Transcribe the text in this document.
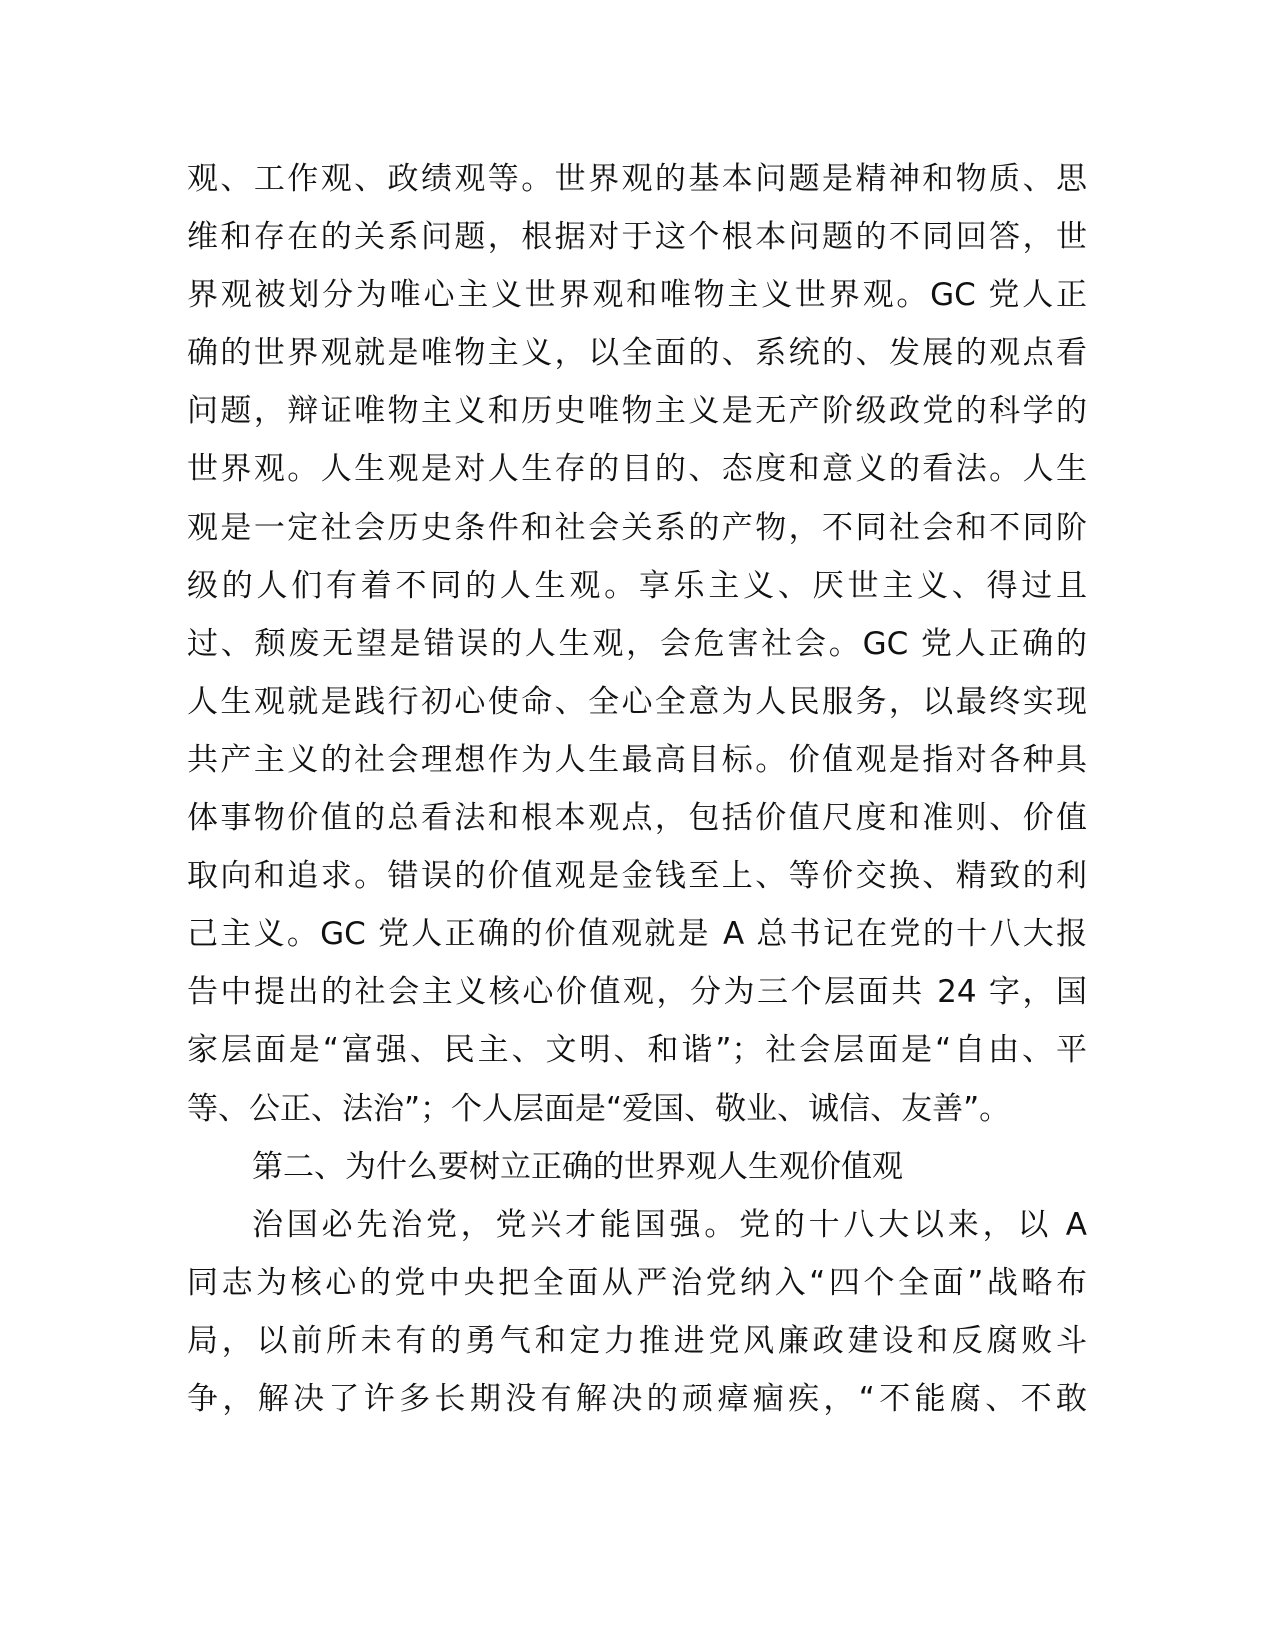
观、工作观、政绩观等。世界观的基本问题是精神和物质、思
维和存在的关系问题，根据对于这个根本问题的不同回答，世
界观被划分为唯心主义世界观和唯物主义世界观。GC 党人正
确的世界观就是唯物主义，以全面的、系统的、发展的观点看
问题，辩证唯物主义和历史唯物主义是无产阶级政党的科学的
世界观。人生观是对人生存的目的、态度和意义的看法。人生
观是一定社会历史条件和社会关系的产物，不同社会和不同阶
级的人们有着不同的人生观。享乐主义、厌世主义、得过且
过、颓废无望是错误的人生观，会危害社会。GC 党人正确的
人生观就是践行初心使命、全心全意为人民服务，以最终实现
共产主义的社会理想作为人生最高目标。价值观是指对各种具
体事物价值的总看法和根本观点，包括价值尺度和准则、价值
取向和追求。错误的价值观是金钱至上、等价交换、精致的利
己主义。GC 党人正确的价值观就是 A 总书记在党的十八大报
告中提出的社会主义核心价值观，分为三个层面共 24 字，国
家层面是“富强、民主、文明、和谐”；社会层面是“自由、平
等、公正、法治”；个人层面是“爱国、敬业、诚信、友善”。
第二、为什么要树立正确的世界观人生观价值观
治国必先治党，党兴才能国强。党的十八大以来，以 A
同志为核心的党中央把全面从严治党纳入“四个全面”战略布
局，以前所未有的勇气和定力推进党风廉政建设和反腐败斗
争，解决了许多长期没有解决的顽瘴痼疾，“不能腐、不敢
